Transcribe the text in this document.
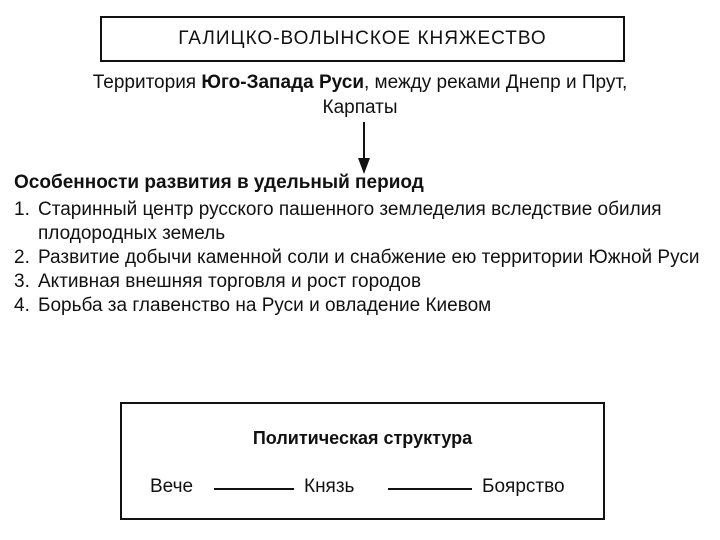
ГАЛИЦКО-ВОЛЫНСКОЕ КНЯЖЕСТВО
Территория Юго-Запада Руси, между реками Днепр и Прут,
Карпаты
Особенности развития в удельный период
1. Старинный центр русского пашенного земледелия вследствие обилия плодородных земель
2. Развитие добычи каменной соли и снабжение ею территории Южной Руси
3. Активная внешняя торговля и рост городов
4. Борьба за главенство на Руси и овладение Киевом
Политическая структура
Вече	Князь	Боярство
